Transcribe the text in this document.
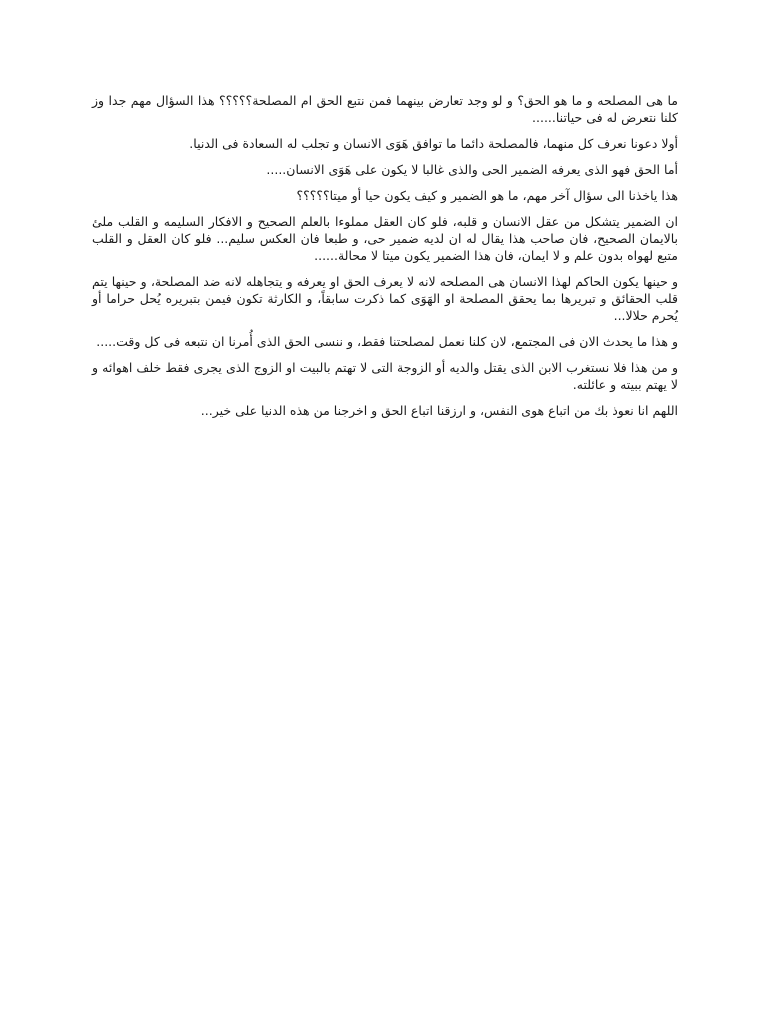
ما هى المصلحه و ما هو الحق؟ و لو وجد تعارض بينهما فمن نتبع الحق ام المصلحة؟؟؟؟؟ هذا السؤال مهم جدا وز كلنا نتعرض له فى حياتنا......

أولا دعونا نعرف كل منهما، فالمصلحة دائما ما توافق هَوَى الانسان و تجلب له السعادة فى الدنيا.

أما الحق فهو الذى يعرفه الضمير الحى والذى غالبا لا يكون على هَوَى الانسان.....

هذا ياخذنا الى سؤال آخر مهم، ما هو الضمير و كيف يكون حيا أو ميتا؟؟؟؟؟

ان الضمير يتشكل من عقل الانسان و قلبه، فلو كان العقل مملوءا بالعلم الصحيح و الافكار السليمه و القلب ملئ بالايمان الصحيح، فان صاحب هذا يقال له ان لديه ضمير حى، و طبعا فان العكس سليم... فلو كان العقل و القلب متبع لهواه بدون علم و لا ايمان، فان هذا الضمير يكون ميتا لا محالة......

و حينها يكون الحاكم لهذا الانسان هى المصلحه لانه لا يعرف الحق او يعرفه و يتجاهله لانه ضد المصلحة، و حينها يتم قلب الحقائق و تبريرها بما يحقق المصلحة او الهَوَى كما ذكرت سابقاً، و الكارثة تكون فيمن بتبريره يُحل حراما أو يُحرم حلالا...

و هذا ما يحدث الان فى المجتمع، لان كلنا نعمل لمصلحتنا فقط، و ننسى الحق الذى أُمرنا ان نتبعه فى كل وقت.....

و من هذا فلا نستغرب الابن الذى يقتل والديه أو الزوجة التى لا تهتم بالبيت او الزوج الذى يجرى فقط خلف اهوائه و لا يهتم ببيته و عائلته.

اللهم انا نعوذ بك من اتباع هوى النفس، و ارزقنا اتباع الحق و اخرجنا من هذه الدنيا على خير...
